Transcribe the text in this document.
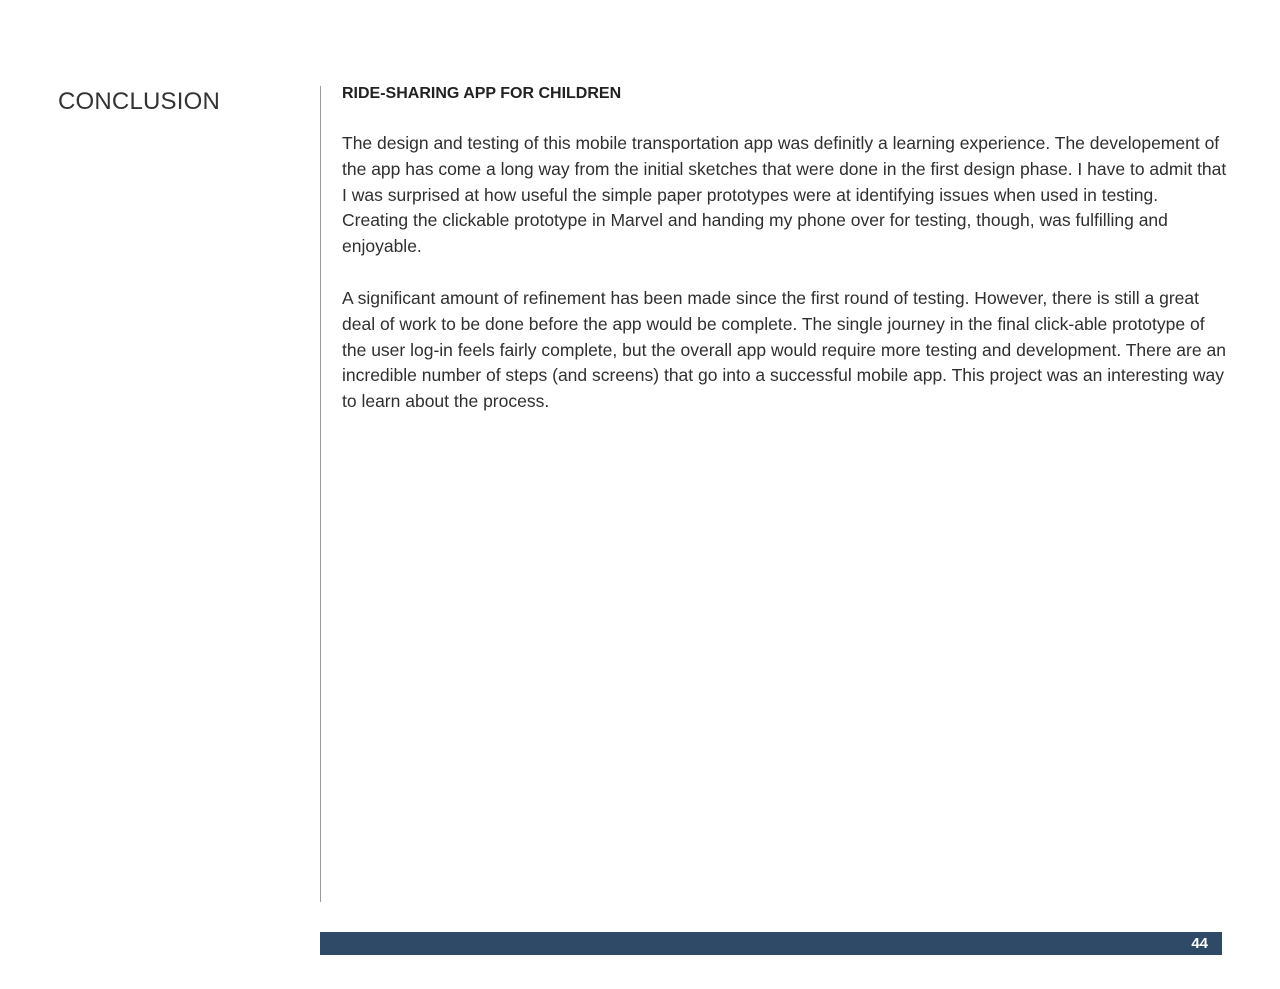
CONCLUSION	RIDE-SHARING APP FOR CHILDREN

The design and testing of this mobile transportation app was definitly a learning experience. The developement of the app has come a long way from the initial sketches that were done in the first design phase. I have to admit that I was surprised at how useful the simple paper prototypes were at identifying issues when used in testing. Creating the clickable prototype in Marvel and handing my phone over for testing, though, was fulfilling and enjoyable.

A significant amount of refinement has been made since the first round of testing. However, there is still a great deal of work to be done before the app would be complete. The single journey in the final click-able prototype of the user log-in feels fairly complete, but the overall app would require more testing and development. There are an incredible number of steps (and screens) that go into a successful mobile app. This project was an interesting way to learn about the process.

44
